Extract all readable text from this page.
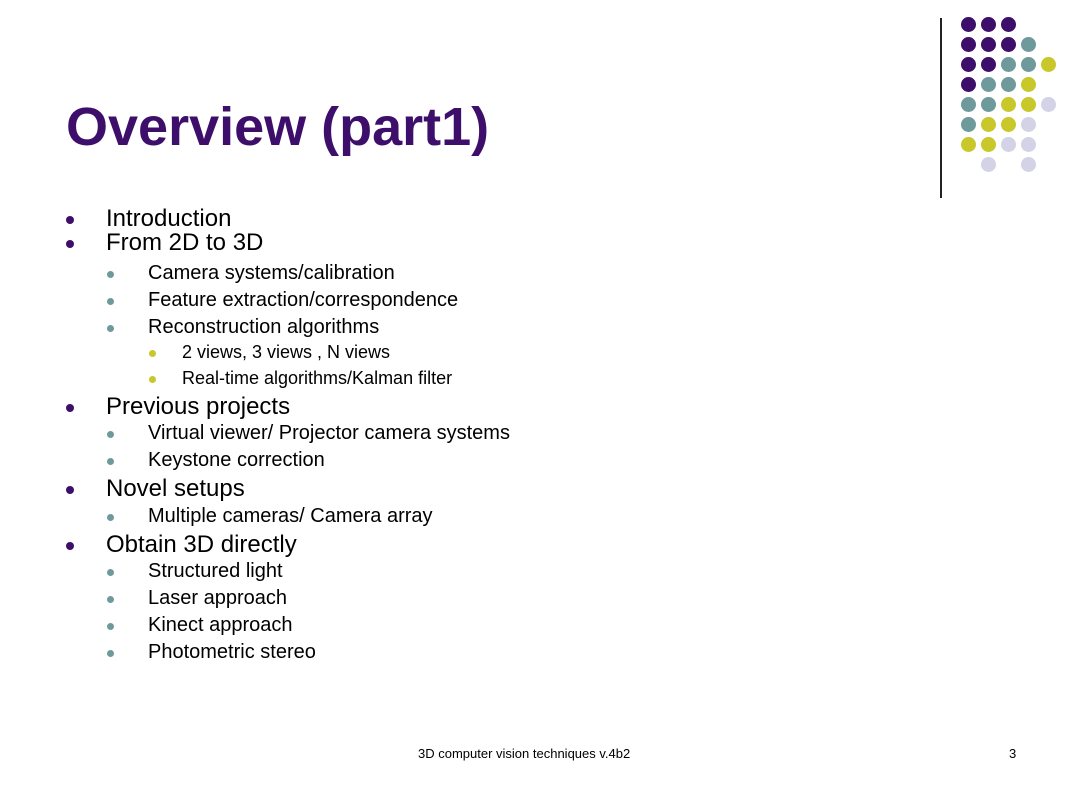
Overview (part1)
Introduction
From 2D to 3D
Camera systems/calibration
Feature extraction/correspondence
Reconstruction algorithms
2 views, 3 views , N views
Real-time algorithms/Kalman filter
Previous projects
Virtual viewer/ Projector camera systems
Keystone correction
Novel setups
Multiple cameras/ Camera array
Obtain 3D directly
Structured light
Laser approach
Kinect approach
Photometric stereo
3D computer vision techniques v.4b2	3
